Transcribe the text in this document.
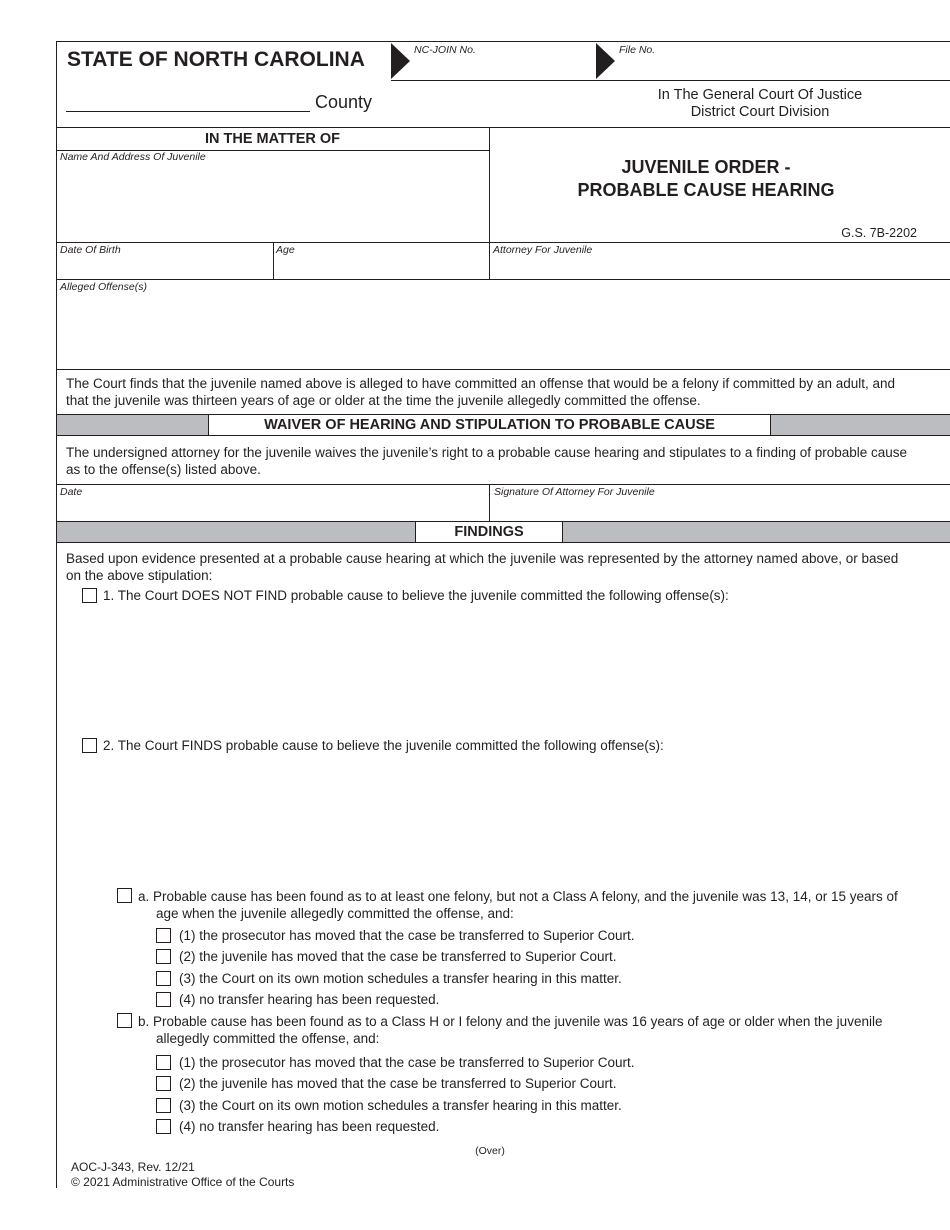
STATE OF NORTH CAROLINA	NC-JOIN No.	File No.
County	In The General Court Of Justice
District Court Division
IN THE MATTER OF
Name And Address Of Juvenile	JUVENILE ORDER -
PROBABLE CAUSE HEARING
G.S. 7B-2202
Date Of Birth	Age	Attorney For Juvenile
Alleged Offense(s)
The Court finds that the juvenile named above is alleged to have committed an offense that would be a felony if committed by an adult, and that the juvenile was thirteen years of age or older at the time the juvenile allegedly committed the offense.
WAIVER OF HEARING AND STIPULATION TO PROBABLE CAUSE
The undersigned attorney for the juvenile waives the juvenile’s right to a probable cause hearing and stipulates to a finding of probable cause as to the offense(s) listed above.
Date	Signature Of Attorney For Juvenile
FINDINGS
Based upon evidence presented at a probable cause hearing at which the juvenile was represented by the attorney named above, or based on the above stipulation:
1. The Court DOES NOT FIND probable cause to believe the juvenile committed the following offense(s):
2. The Court FINDS probable cause to believe the juvenile committed the following offense(s):
a. Probable cause has been found as to at least one felony, but not a Class A felony, and the juvenile was 13, 14, or 15 years of age when the juvenile allegedly committed the offense, and:
(1) the prosecutor has moved that the case be transferred to Superior Court.
(2) the juvenile has moved that the case be transferred to Superior Court.
(3) the Court on its own motion schedules a transfer hearing in this matter.
(4) no transfer hearing has been requested.
b. Probable cause has been found as to a Class H or I felony and the juvenile was 16 years of age or older when the juvenile allegedly committed the offense, and:
(1) the prosecutor has moved that the case be transferred to Superior Court.
(2) the juvenile has moved that the case be transferred to Superior Court.
(3) the Court on its own motion schedules a transfer hearing in this matter.
(4) no transfer hearing has been requested.
(Over)
AOC-J-343, Rev. 12/21
© 2021 Administrative Office of the Courts
